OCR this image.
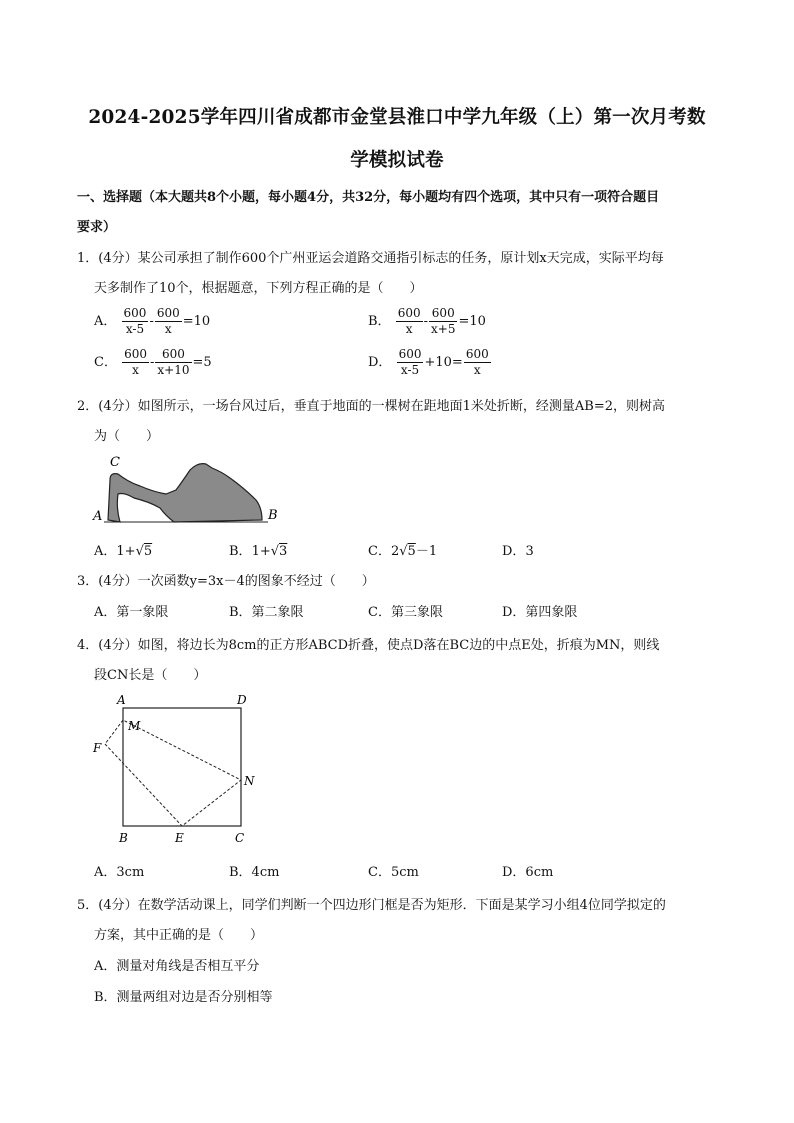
2024-2025学年四川省成都市金堂县淮口中学九年级（上）第一次月考数
学模拟试卷
一、选择题（本大题共8个小题，每小题4分，共32分，每小题均有四个选项，其中只有一项符合题目
要求）
1．(4分）某公司承担了制作600个广州亚运会道路交通指引标志的任务，原计划x天完成，实际平均每
天多制作了10个，根据题意，下列方程正确的是（　　）
A． $\frac{600}{x-5} - \frac{600}{x} =10$	B． $\frac{600}{x} - \frac{600}{x+5} =10$
C． $\frac{600}{x} - \frac{600}{x+10} =5$	D． $\frac{600}{x-5} +10= \frac{600}{x}$
2．(4分）如图所示，一场台风过后，垂直于地面的一棵树在距地面1米处折断，经测量AB=2，则树高
为（　　）
C
A	B
A．1+√5	B．1+√3	C．2√5－1	D．3
3．(4分）一次函数y=3x－4的图象不经过（　　）
A．第一象限	B．第二象限	C．第三象限	D．第四象限
4．(4分）如图，将边长为8cm的正方形ABCD折叠，使点D落在BC边的中点E处，折痕为MN，则线
段CN长是（　　）
A	D
M
F
N
B	E	C
A．3cm	B．4cm	C．5cm	D．6cm
5．(4分）在数学活动课上，同学们判断一个四边形门框是否为矩形．下面是某学习小组4位同学拟定的
方案，其中正确的是（　　）
A．测量对角线是否相互平分
B．测量两组对边是否分别相等
